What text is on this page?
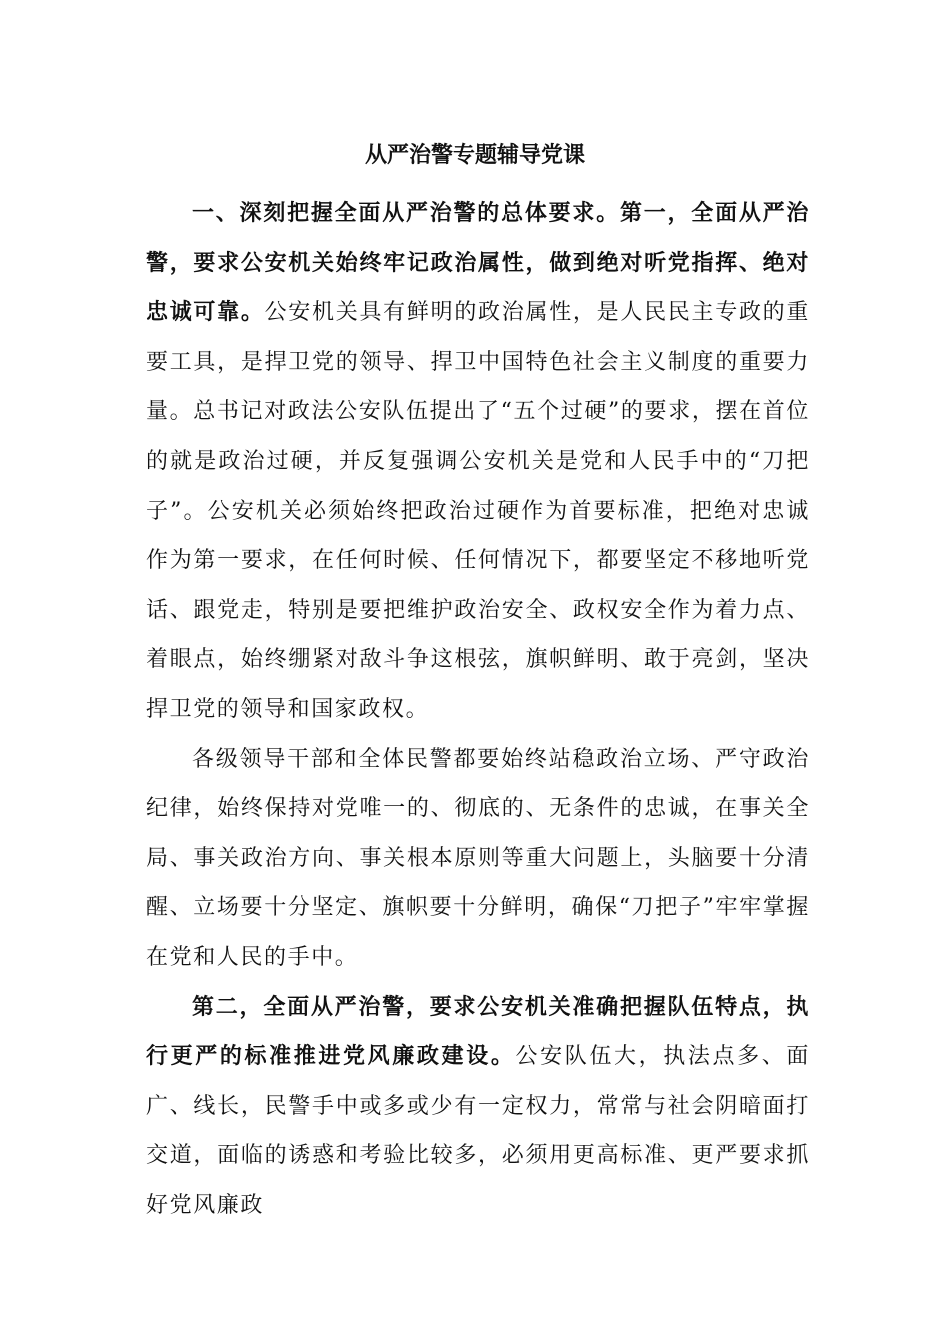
从严治警专题辅导党课

一、深刻把握全面从严治警的总体要求。第一，全面从严治警，要求公安机关始终牢记政治属性，做到绝对听党指挥、绝对忠诚可靠。公安机关具有鲜明的政治属性，是人民民主专政的重要工具，是捍卫党的领导、捍卫中国特色社会主义制度的重要力量。总书记对政法公安队伍提出了“五个过硬”的要求，摆在首位的就是政治过硬，并反复强调公安机关是党和人民手中的“刀把子”。公安机关必须始终把政治过硬作为首要标准，把绝对忠诚作为第一要求，在任何时候、任何情况下，都要坚定不移地听党话、跟党走，特别是要把维护政治安全、政权安全作为着力点、着眼点，始终绷紧对敌斗争这根弦，旗帜鲜明、敢于亮剑，坚决捍卫党的领导和国家政权。

各级领导干部和全体民警都要始终站稳政治立场、严守政治纪律，始终保持对党唯一的、彻底的、无条件的忠诚，在事关全局、事关政治方向、事关根本原则等重大问题上，头脑要十分清醒、立场要十分坚定、旗帜要十分鲜明，确保“刀把子”牢牢掌握在党和人民的手中。

第二，全面从严治警，要求公安机关准确把握队伍特点，执行更严的标准推进党风廉政建设。公安队伍大，执法点多、面广、线长，民警手中或多或少有一定权力，常常与社会阴暗面打交道，面临的诱惑和考验比较多，必须用更高标准、更严要求抓好党风廉政
